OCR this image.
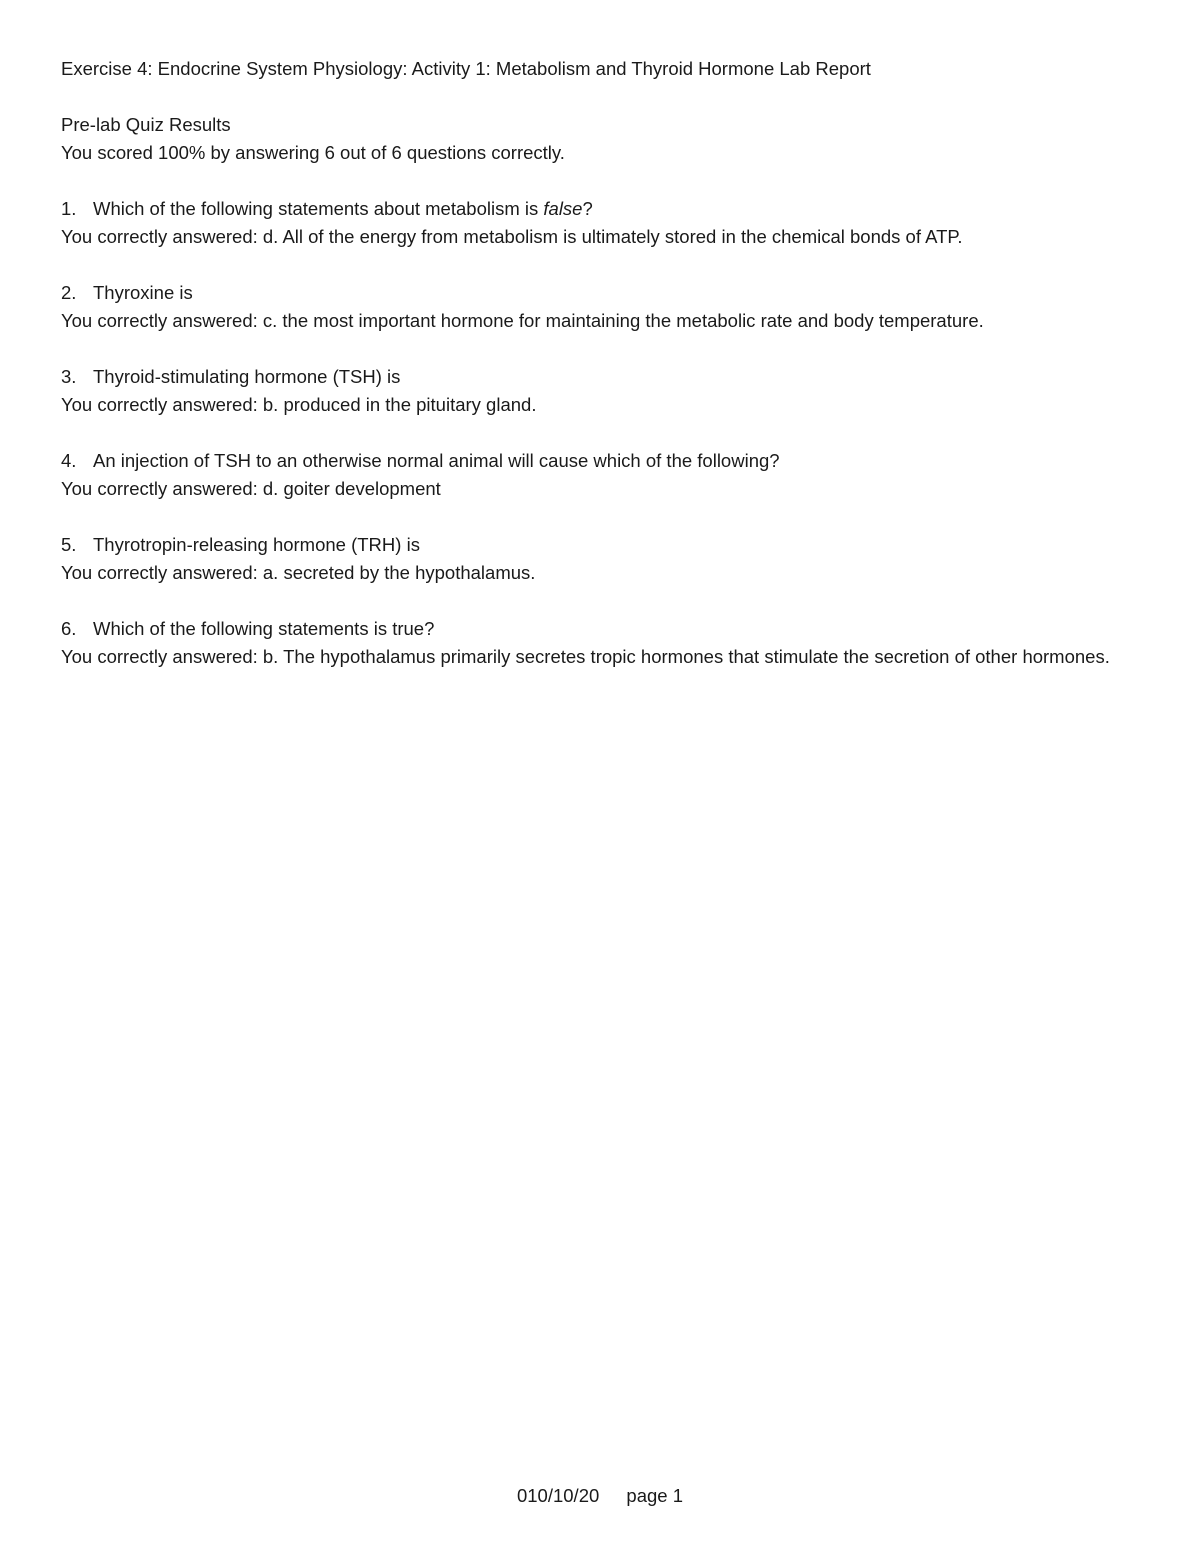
Exercise 4: Endocrine System Physiology: Activity 1: Metabolism and Thyroid Hormone Lab Report

Pre-lab Quiz Results

You scored 100% by answering 6 out of 6 questions correctly.

1. Which of the following statements about metabolism is false?

You correctly answered: d. All of the energy from metabolism is ultimately stored in the chemical bonds of ATP.

2. Thyroxine is

You correctly answered: c. the most important hormone for maintaining the metabolic rate and body temperature.

3. Thyroid-stimulating hormone (TSH) is

You correctly answered: b. produced in the pituitary gland.

4. An injection of TSH to an otherwise normal animal will cause which of the following?

You correctly answered: d. goiter development

5. Thyrotropin-releasing hormone (TRH) is

You correctly answered: a. secreted by the hypothalamus.

6. Which of the following statements is true?

You correctly answered: b. The hypothalamus primarily secretes tropic hormones that stimulate the secretion of other hormones.

010/10/20 page 1
